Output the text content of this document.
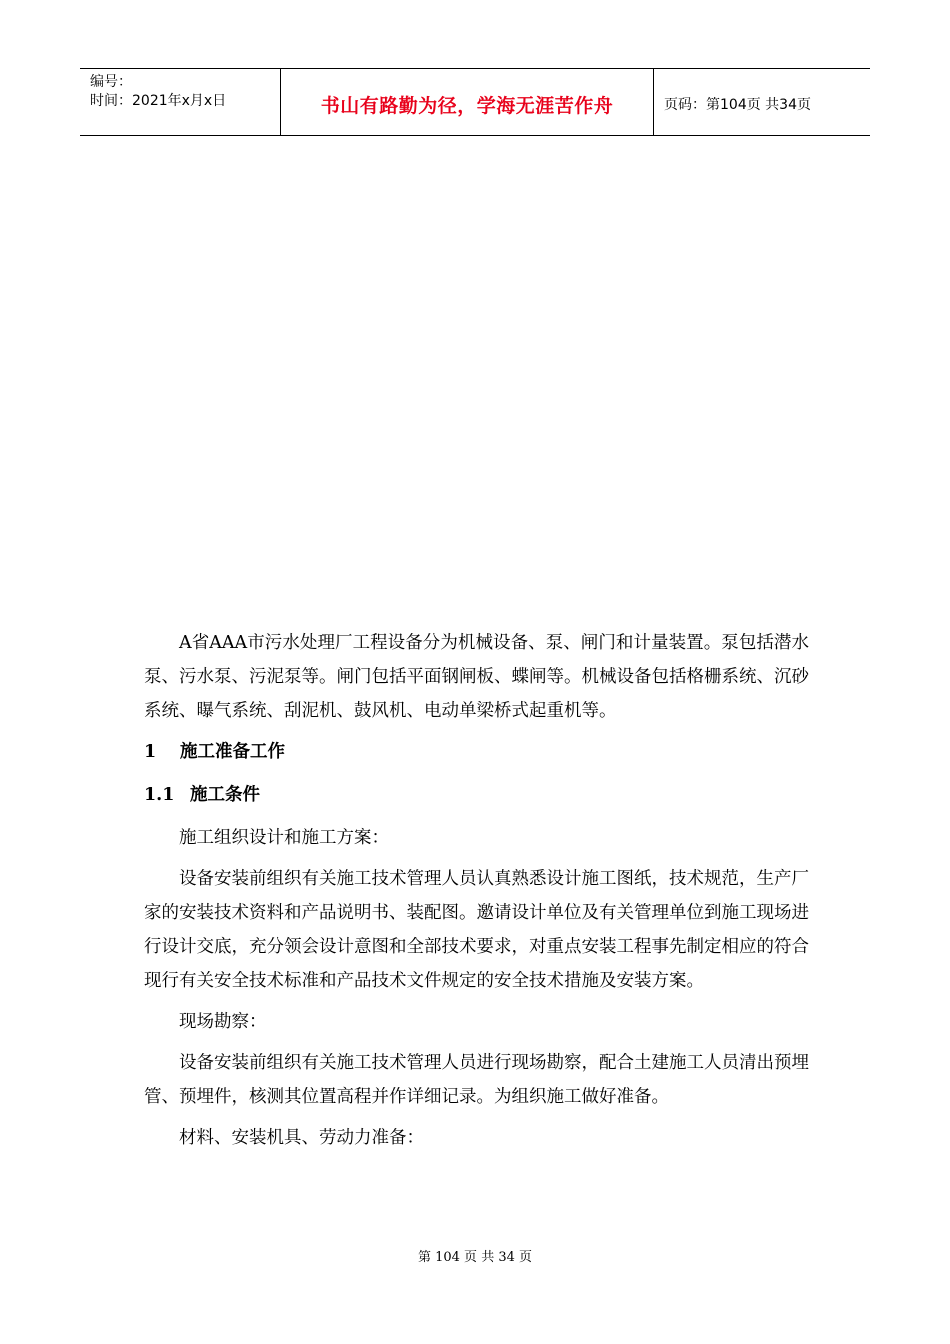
编号：
时间：2021年x月x日	书山有路勤为径，学海无涯苦作舟	页码：第104页 共34页

A省AAA市污水处理厂工程设备分为机械设备、泵、闸门和计量装置。泵包括潜水泵、污水泵、污泥泵等。闸门包括平面钢闸板、蝶闸等。机械设备包括格栅系统、沉砂系统、曝气系统、刮泥机、鼓风机、电动单梁桥式起重机等。

1 施工准备工作
1.1 施工条件

施工组织设计和施工方案：

设备安装前组织有关施工技术管理人员认真熟悉设计施工图纸，技术规范，生产厂家的安装技术资料和产品说明书、装配图。邀请设计单位及有关管理单位到施工现场进行设计交底，充分领会设计意图和全部技术要求，对重点安装工程事先制定相应的符合现行有关安全技术标准和产品技术文件规定的安全技术措施及安装方案。

现场勘察：

设备安装前组织有关施工技术管理人员进行现场勘察，配合土建施工人员清出预埋管、预埋件，核测其位置高程并作详细记录。为组织施工做好准备。

材料、安装机具、劳动力准备：

第 104 页 共 34 页
